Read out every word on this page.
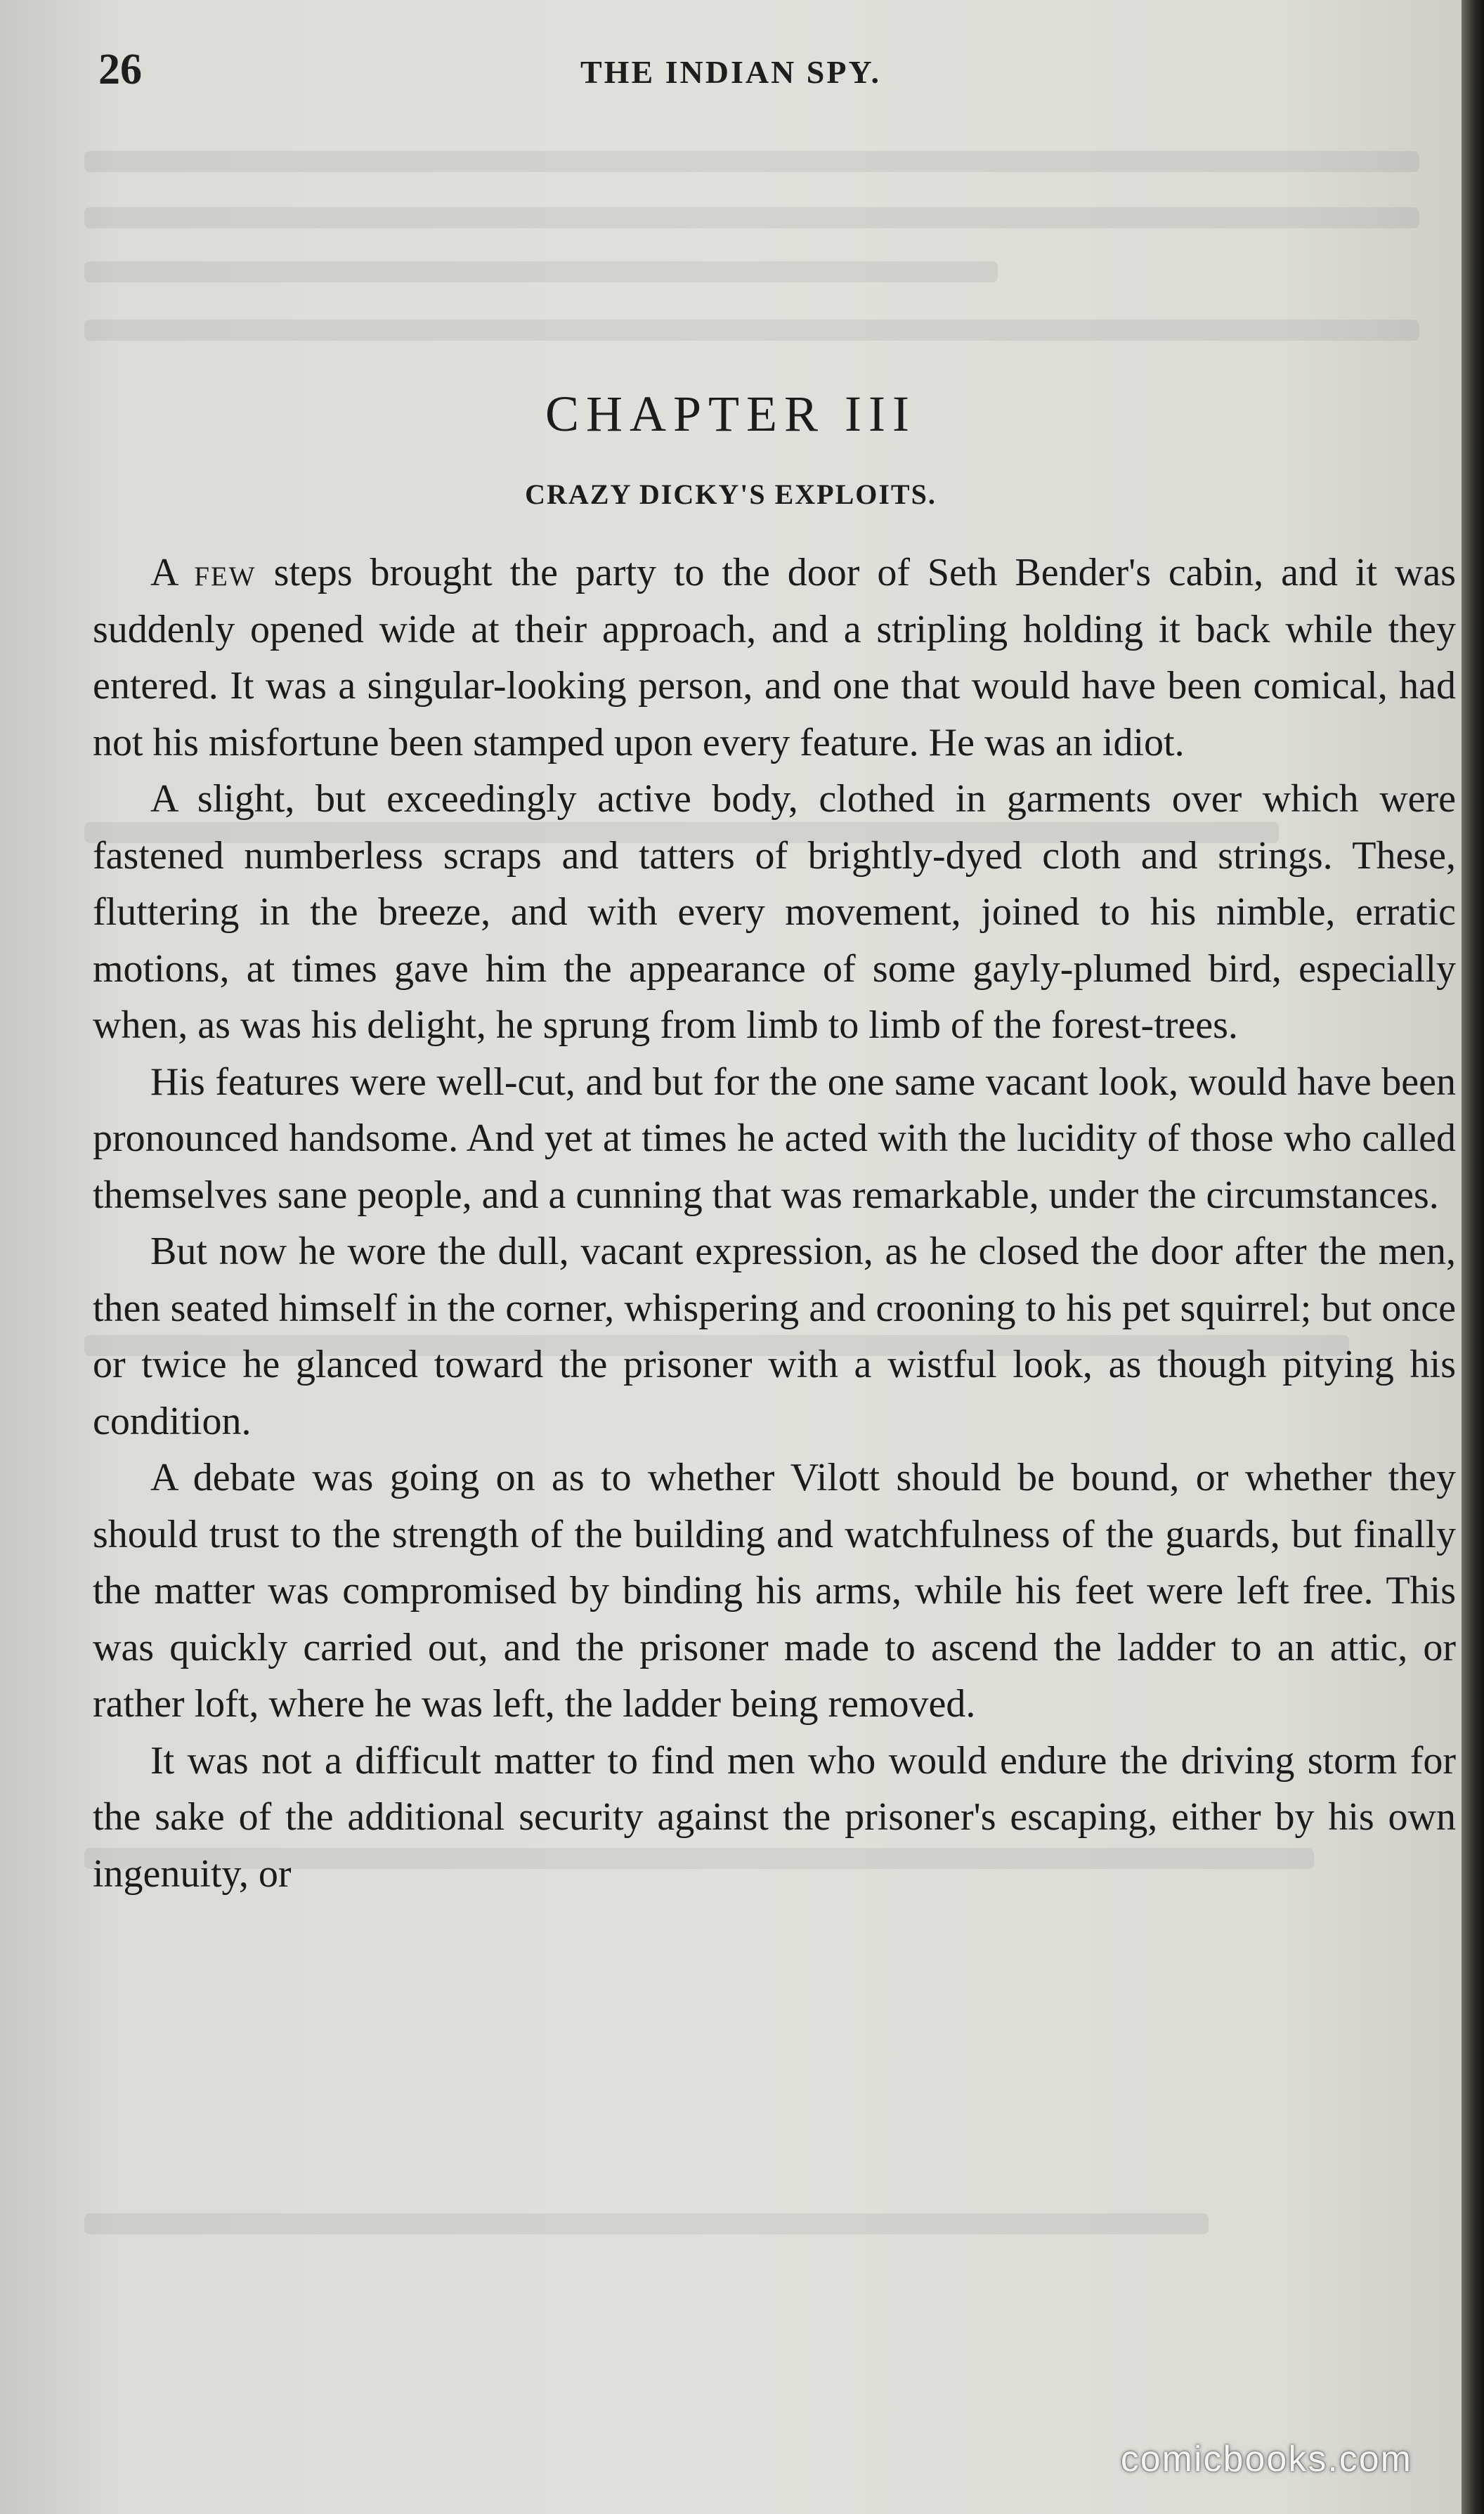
26	THE INDIAN SPY.
CHAPTER III
CRAZY DICKY'S EXPLOITS.

A few steps brought the party to the door of Seth Bender's cabin, and it was suddenly opened wide at their approach, and a stripling holding it back while they entered. It was a singular-looking person, and one that would have been comical, had not his misfortune been stamped upon every feature. He was an idiot.

A slight, but exceedingly active body, clothed in garments over which were fastened numberless scraps and tatters of brightly-dyed cloth and strings. These, fluttering in the breeze, and with every movement, joined to his nimble, erratic motions, at times gave him the appearance of some gayly-plumed bird, especially when, as was his delight, he sprung from limb to limb of the forest-trees.

His features were well-cut, and but for the one same vacant look, would have been pronounced handsome. And yet at times he acted with the lucidity of those who called themselves sane people, and a cunning that was remarkable, under the circumstances.

But now he wore the dull, vacant expression, as he closed the door after the men, then seated himself in the corner, whispering and crooning to his pet squirrel; but once or twice he glanced toward the prisoner with a wistful look, as though pitying his condition.

A debate was going on as to whether Vilott should be bound, or whether they should trust to the strength of the building and watchfulness of the guards, but finally the matter was compromised by binding his arms, while his feet were left free. This was quickly carried out, and the prisoner made to ascend the ladder to an attic, or rather loft, where he was left, the ladder being removed.

It was not a difficult matter to find men who would endure the driving storm for the sake of the additional security against the prisoner's escaping, either by his own ingenuity, or

comicbooks.com
